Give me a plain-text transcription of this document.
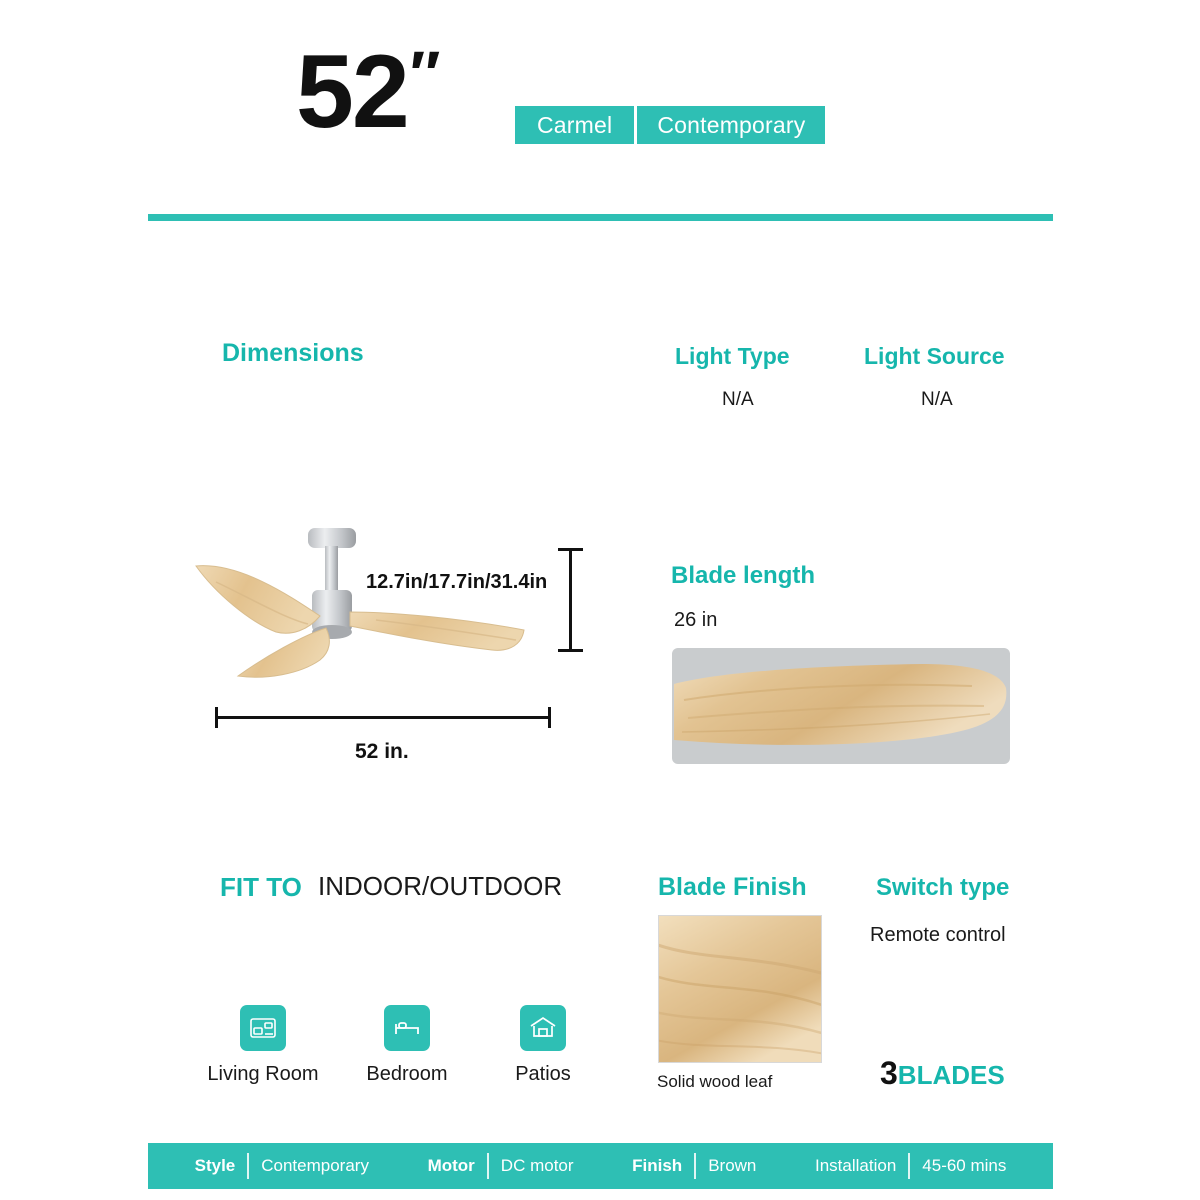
52″
Carmel	Contemporary
Dimensions	Light Type	Light Source
N/A	N/A
12.7in/17.7in/31.4in
52 in.
Blade length
26 in
FIT TO INDOOR/OUTDOOR
Living Room	Bedroom	Patios
Blade Finish
Solid wood leaf
Switch type
Remote control
3BLADES
Style	Contemporary	Motor	DC motor	Finish	Brown	Installation	45-60 mins
